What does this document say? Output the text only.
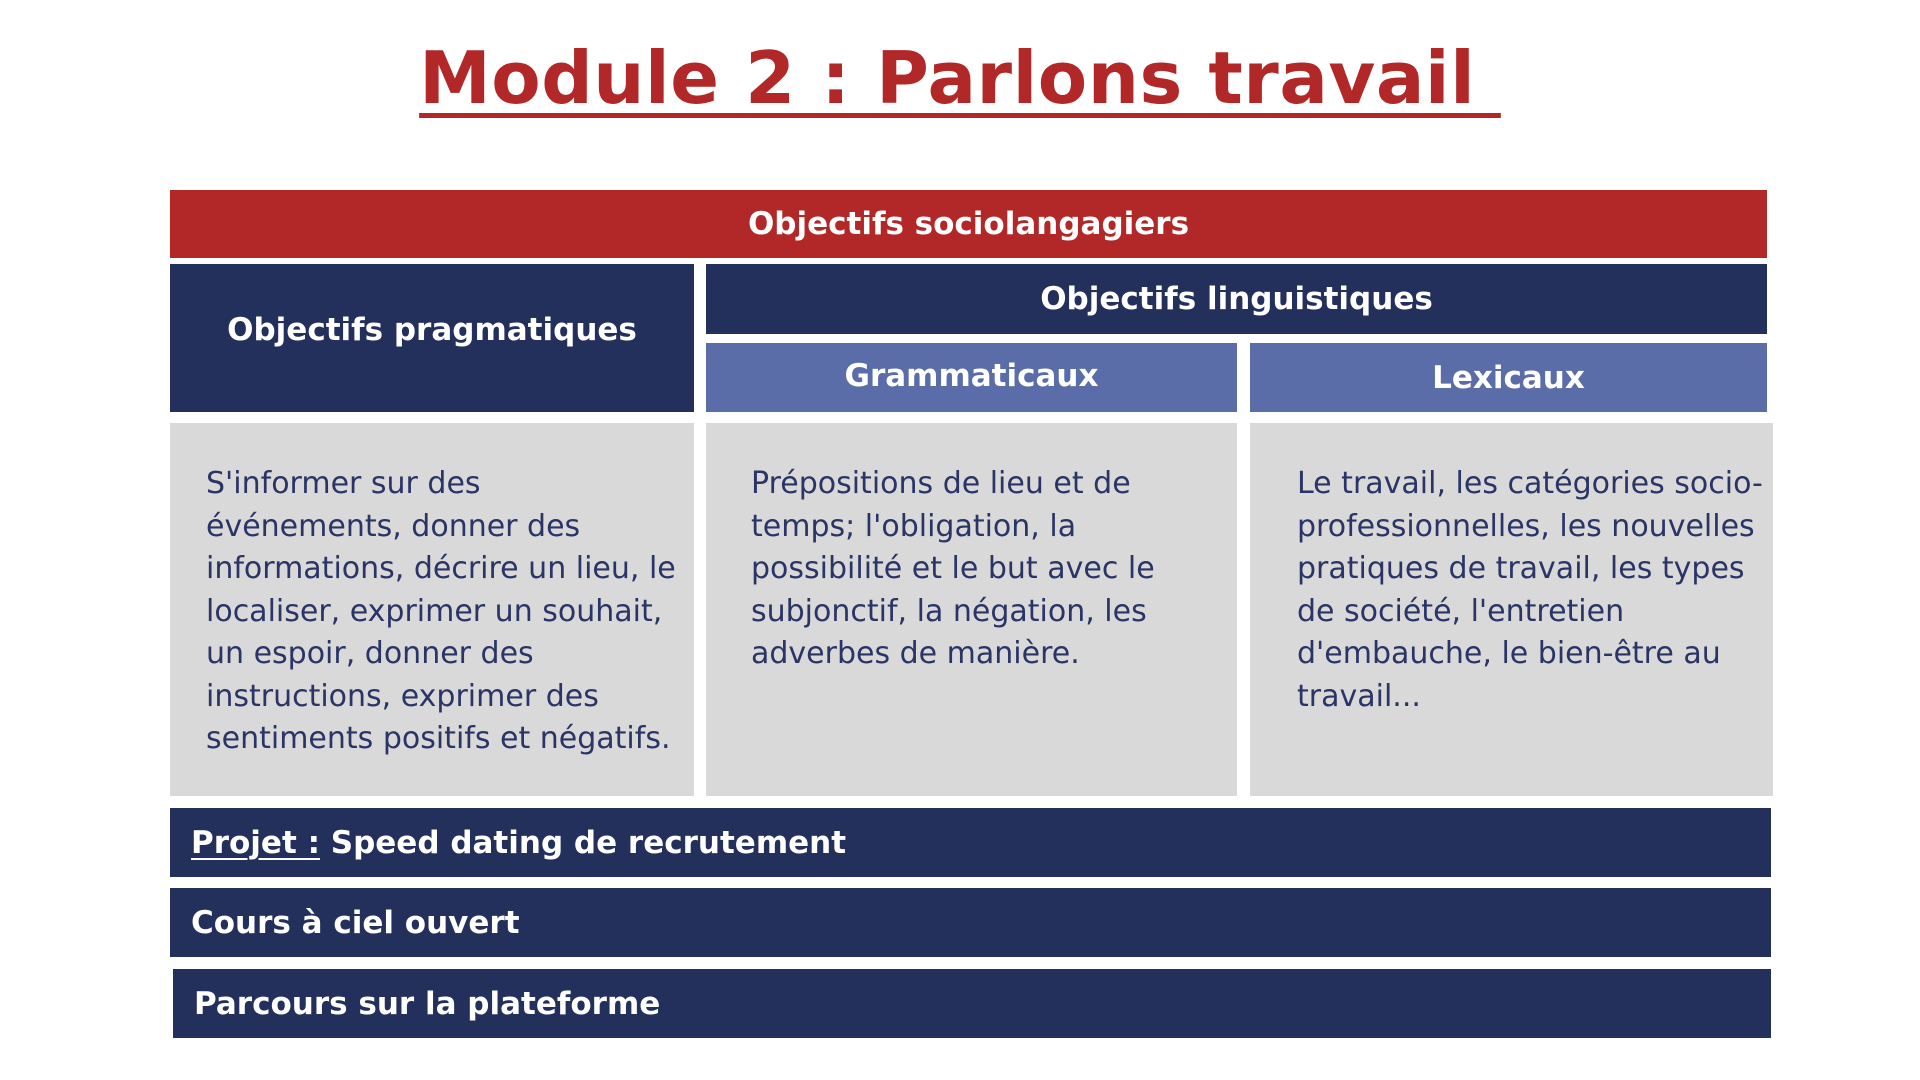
Module 2 : Parlons travail
Objectifs sociolangagiers
Objectifs pragmatiques
Objectifs linguistiques
Grammaticaux	Lexicaux
S'informer sur des événements, donner des informations, décrire un lieu, le localiser, exprimer un souhait, un espoir, donner des instructions, exprimer des sentiments positifs et négatifs.
Prépositions de lieu et de temps; l'obligation, la possibilité et le but avec le subjonctif, la négation, les adverbes de manière.
Le travail, les catégories socio-professionnelles, les nouvelles pratiques de travail, les types de société, l'entretien d'embauche, le bien-être au travail...
Projet :
Speed dating de recrutement
Cours à ciel ouvert
Parcours sur la plateforme
